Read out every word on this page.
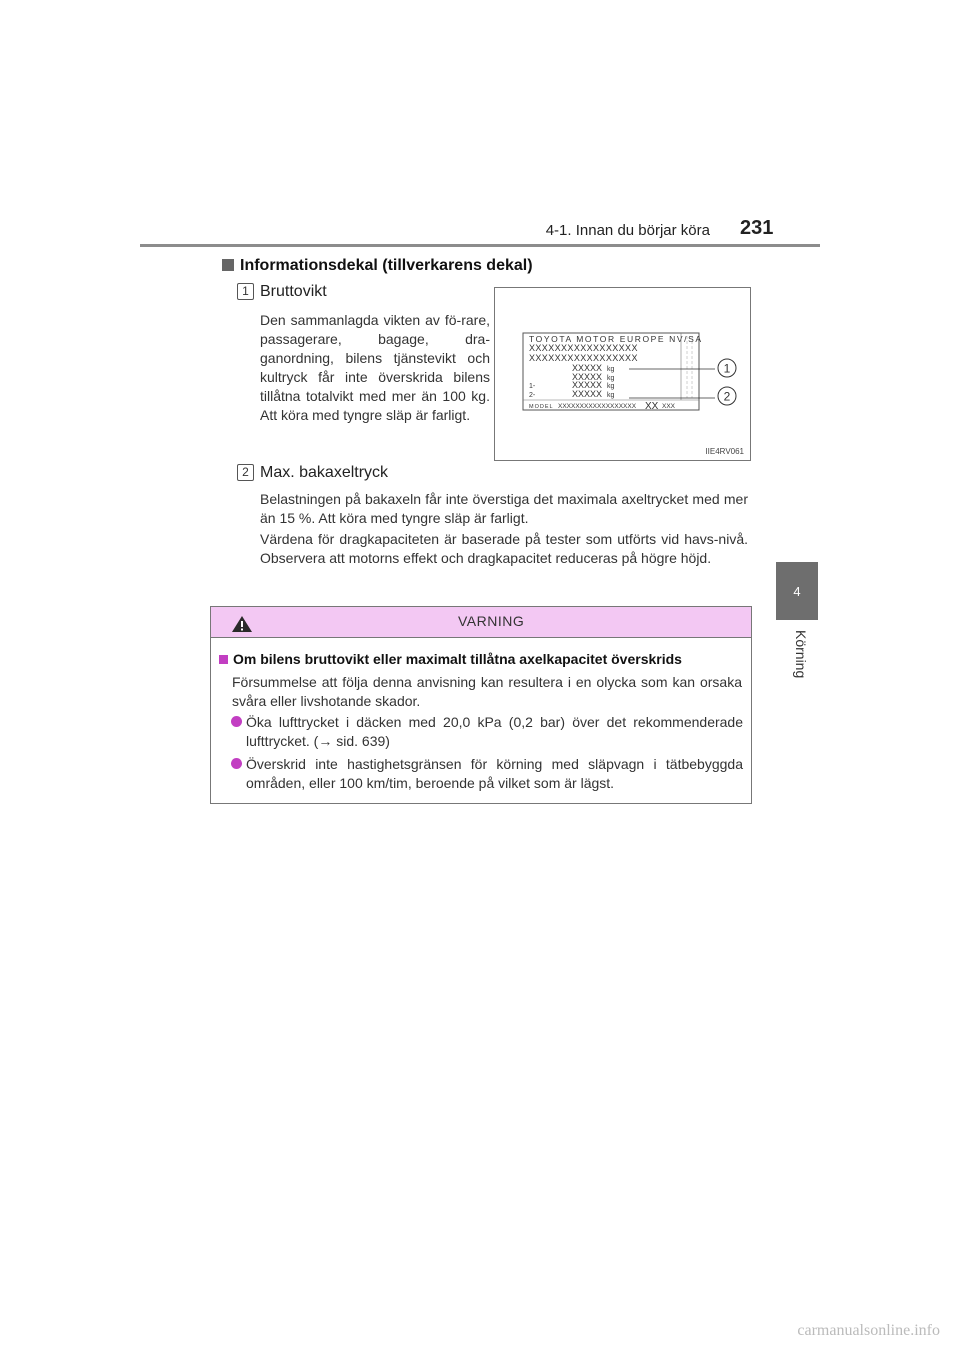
4-1. Innan du börjar köra 231
4
Körning
Informationsdekal (tillverkarens dekal)
1 Bruttovikt
Den sammanlagda vikten av fö-rare, passagerare, bagage, dra-ganordning, bilens tjänstevikt och kultryck får inte överskrida bilens tillåtna totalvikt med mer än 100 kg. Att köra med tyngre släp är farligt.
TOYOTA MOTOR EUROPE NV/SA
XXXXXXXXXXXXXXXXX
XXXXXXXXXXXXXXXXX
XXXXX kg
XXXXX kg
1-	XXXXX kg
2-	XXXXX kg
MODEL XXXXXXXXXXXXXXXXXX XX XXX
1
2
IIE4RV061
2 Max. bakaxeltryck
Belastningen på bakaxeln får inte överstiga det maximala axeltrycket med mer än 15 %. Att köra med tyngre släp är farligt.
Värdena för dragkapaciteten är baserade på tester som utförts vid havs-nivå. Observera att motorns effekt och dragkapacitet reduceras på högre höjd.
VARNING
Om bilens bruttovikt eller maximalt tillåtna axelkapacitet överskrids
Försummelse att följa denna anvisning kan resultera i en olycka som kan orsaka svåra eller livshotande skador.
Öka lufttrycket i däcken med 20,0 kPa (0,2 bar) över det rekommenderade lufttrycket. (→ sid. 639)
Överskrid inte hastighetsgränsen för körning med släpvagn i tätbebyggda områden, eller 100 km/tim, beroende på vilket som är lägst.
carmanualsonline.info
